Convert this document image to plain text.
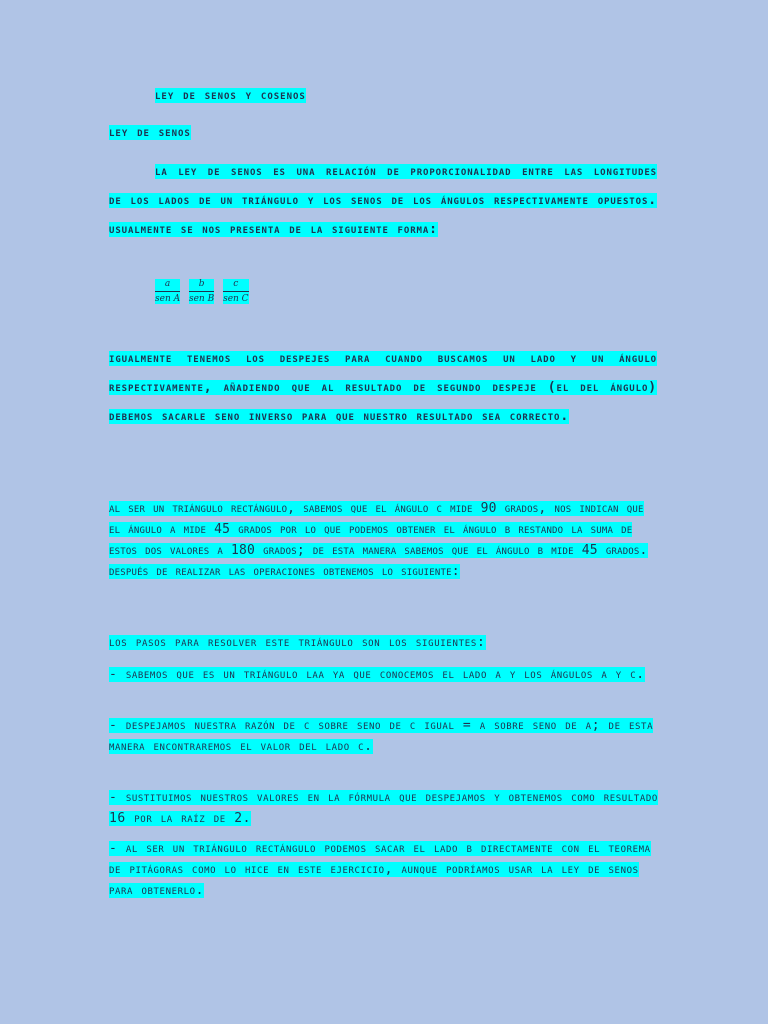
ley de senos y cosenos
ley de senos
la ley de senos es una relación de proporcionalidad entre las longitudes de los lados de un triángulo y los senos de los ángulos respectivamente opuestos. usualmente se nos presenta de la siguiente forma:
$\frac{a}{\text{sen A}}$
$\frac{b}{\text{sen B}}$
$\frac{c}{\text{sen C}}$
igualmente tenemos los despejes para cuando buscamos un lado y un ángulo respectivamente, añadiendo que al resultado de segundo despeje (el del ángulo) debemos sacarle seno inverso para que nuestro resultado sea correcto.
al ser un triángulo rectángulo, sabemos que el ángulo c mide 90 grados, nos indican que el ángulo a mide 45 grados por lo que podemos obtener el ángulo b restando la suma de estos dos valores a 180 grados; de esta manera sabemos que el ángulo b mide 45 grados. después de realizar las operaciones obtenemos lo siguiente:
los pasos para resolver este triángulo son los siguientes:
- sabemos que es un triángulo laa ya que conocemos el lado a y los ángulos a y c.
- despejamos nuestra razón de c sobre seno de c igual = a sobre seno de a; de esta manera encontraremos el valor del lado c.
- sustituimos nuestros valores en la fórmula que despejamos y obtenemos como resultado 16 por la raíz de 2.
- al ser un triángulo rectángulo podemos sacar el lado b directamente con el teorema de pitágoras como lo hice en este ejercicio, aunque podríamos usar la ley de senos para obtenerlo.
